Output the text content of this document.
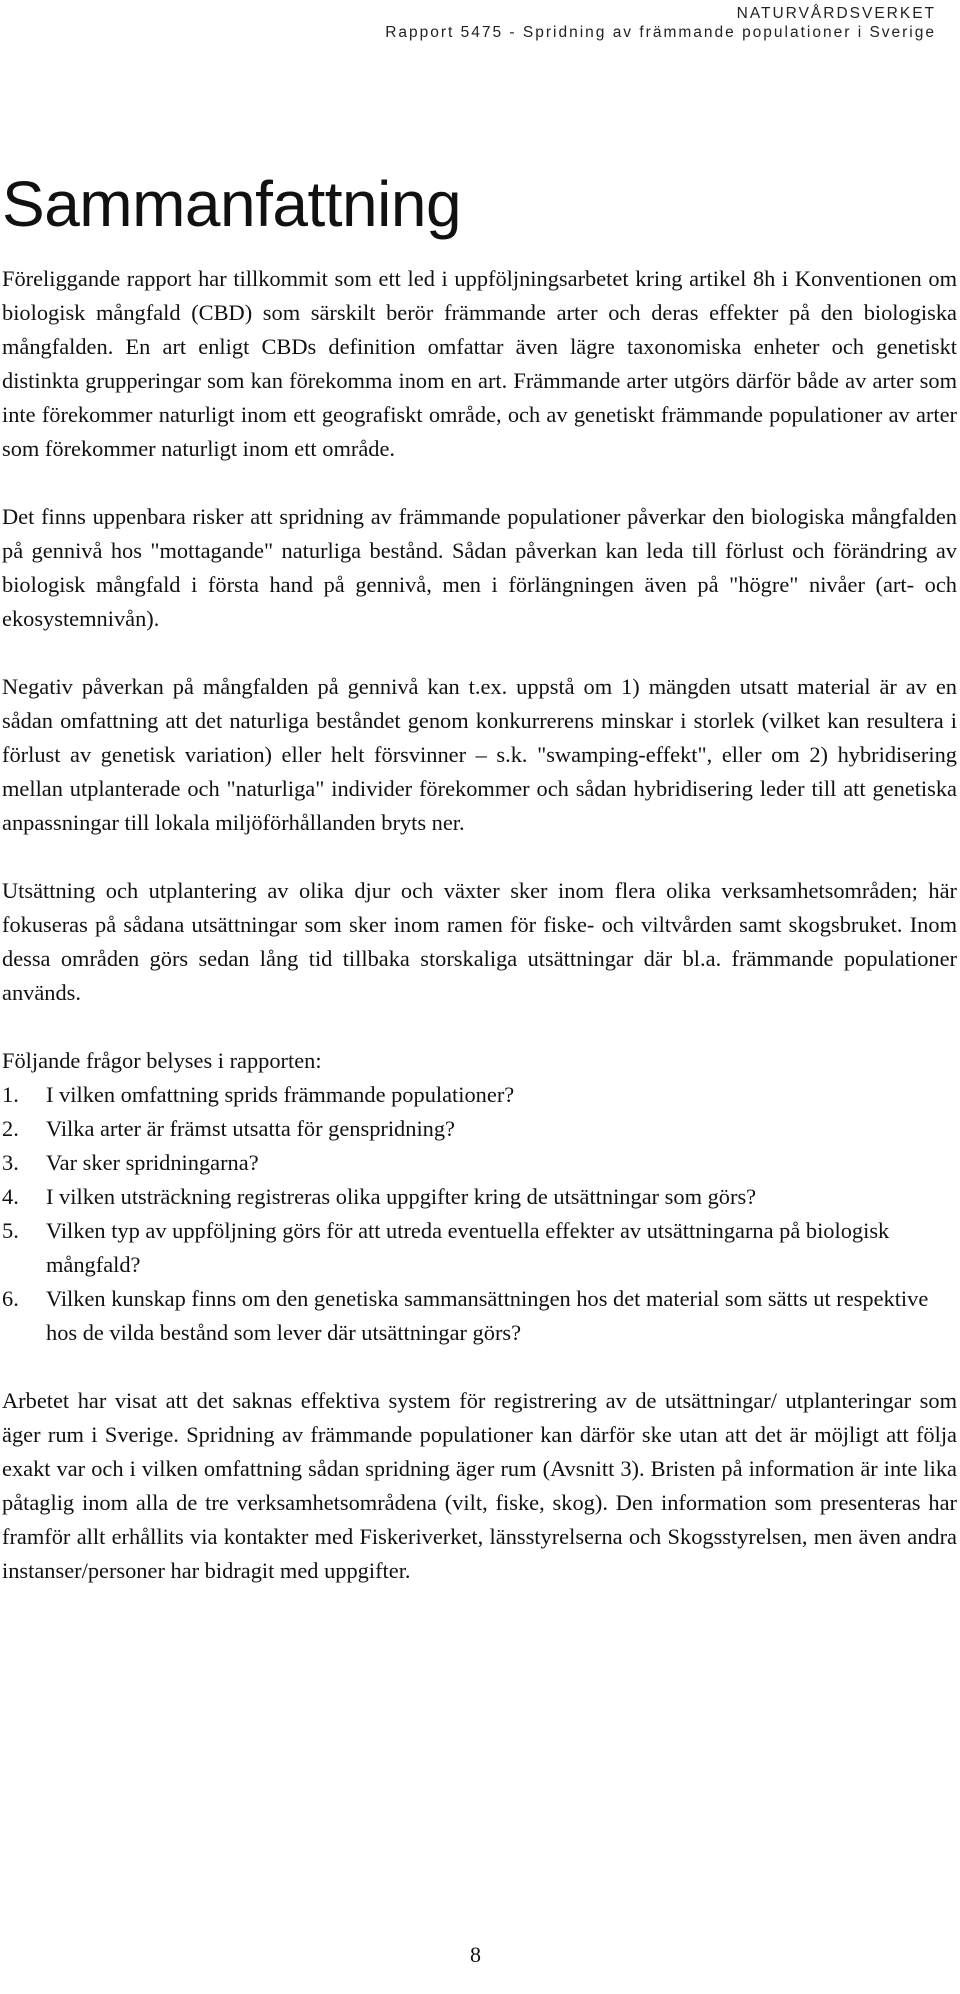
NATURVÅRDSVERKET
Rapport 5475 - Spridning av främmande populationer i Sverige
Sammanfattning

Föreliggande rapport har tillkommit som ett led i uppföljningsarbetet kring artikel 8h i Konventionen om biologisk mångfald (CBD) som särskilt berör främmande arter och deras effekter på den biologiska mångfalden. En art enligt CBDs definition omfattar även lägre taxonomiska enheter och genetiskt distinkta grupperingar som kan förekomma inom en art. Främmande arter utgörs därför både av arter som inte förekommer naturligt inom ett geografiskt område, och av genetiskt främmande populationer av arter som förekommer naturligt inom ett område.

Det finns uppenbara risker att spridning av främmande populationer påverkar den biologiska mångfalden på gennivå hos "mottagande" naturliga bestånd. Sådan påverkan kan leda till förlust och förändring av biologisk mångfald i första hand på gennivå, men i förlängningen även på "högre" nivåer (art- och ekosystemnivån).

Negativ påverkan på mångfalden på gennivå kan t.ex. uppstå om 1) mängden utsatt material är av en sådan omfattning att det naturliga beståndet genom konkurrerens minskar i storlek (vilket kan resultera i förlust av genetisk variation) eller helt försvinner – s.k. "swamping-effekt", eller om 2) hybridisering mellan utplanterade och "naturliga" individer förekommer och sådan hybridisering leder till att genetiska anpassningar till lokala miljöförhållanden bryts ner.

Utsättning och utplantering av olika djur och växter sker inom flera olika verksamhetsområden; här fokuseras på sådana utsättningar som sker inom ramen för fiske- och viltvården samt skogsbruket. Inom dessa områden görs sedan lång tid tillbaka storskaliga utsättningar där bl.a. främmande populationer används.

Följande frågor belyses i rapporten:

1.	I vilken omfattning sprids främmande populationer?
2.	Vilka arter är främst utsatta för genspridning?
3.	Var sker spridningarna?
4.	I vilken utsträckning registreras olika uppgifter kring de utsättningar som görs?
5.	Vilken typ av uppföljning görs för att utreda eventuella effekter av utsättningarna på biologisk mångfald?
6.	Vilken kunskap finns om den genetiska sammansättningen hos det material som sätts ut respektive hos de vilda bestånd som lever där utsättningar görs?

Arbetet har visat att det saknas effektiva system för registrering av de utsättningar/ utplanteringar som äger rum i Sverige. Spridning av främmande populationer kan därför ske utan att det är möjligt att följa exakt var och i vilken omfattning sådan spridning äger rum (Avsnitt 3). Bristen på information är inte lika påtaglig inom alla de tre verksamhetsområdena (vilt, fiske, skog). Den information som presenteras har framför allt erhållits via kontakter med Fiskeriverket, länsstyrelserna och Skogsstyrelsen, men även andra instanser/personer har bidragit med uppgifter.

8
